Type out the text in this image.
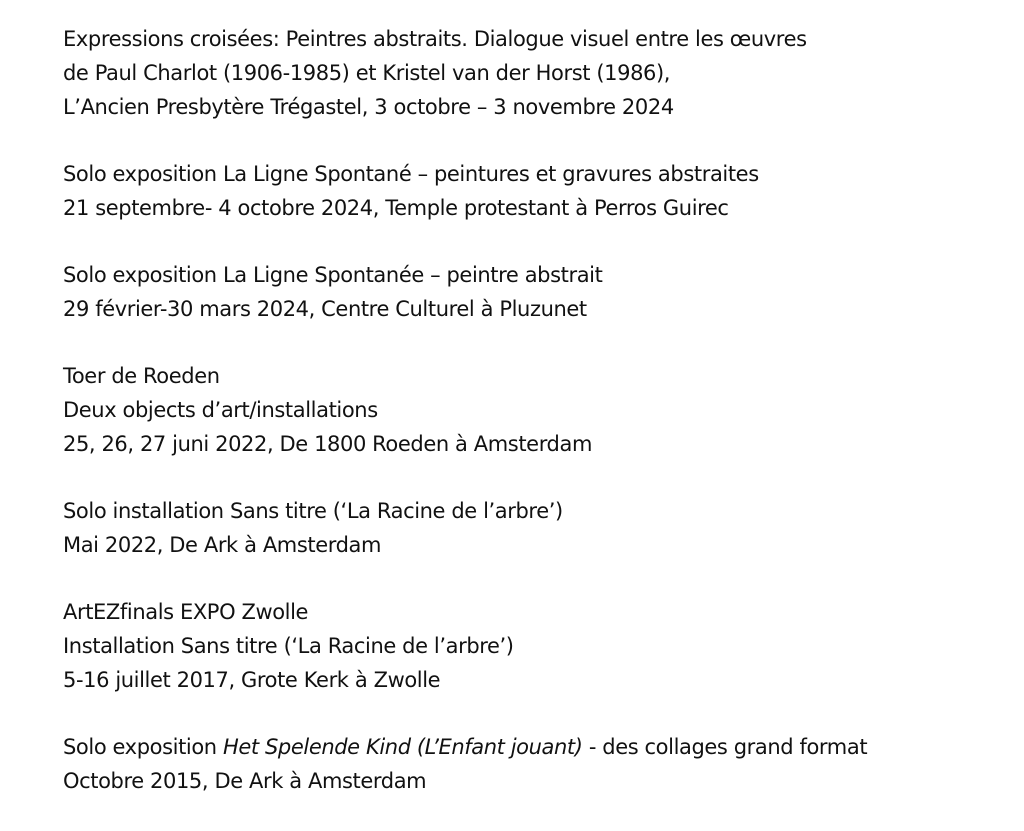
Expressions croisées: Peintres abstraits. Dialogue visuel entre les œuvres
de Paul Charlot (1906-1985) et Kristel van der Horst (1986),
L’Ancien Presbytère Trégastel, 3 octobre – 3 novembre 2024
Solo exposition La Ligne Spontané – peintures et gravures abstraites
21 septembre- 4 octobre 2024, Temple protestant à Perros Guirec
Solo exposition La Ligne Spontanée – peintre abstrait
29 février-30 mars 2024, Centre Culturel à Pluzunet
Toer de Roeden
Deux objects d’art/installations
25, 26, 27 juni 2022, De 1800 Roeden à Amsterdam
Solo installation Sans titre (‘La Racine de l’arbre’)
Mai 2022, De Ark à Amsterdam
ArtEZfinals EXPO Zwolle
Installation Sans titre (‘La Racine de l’arbre’)
5-16 juillet 2017, Grote Kerk à Zwolle
Solo exposition Het Spelende Kind (L’Enfant jouant) - des collages grand format
Octobre 2015, De Ark à Amsterdam
